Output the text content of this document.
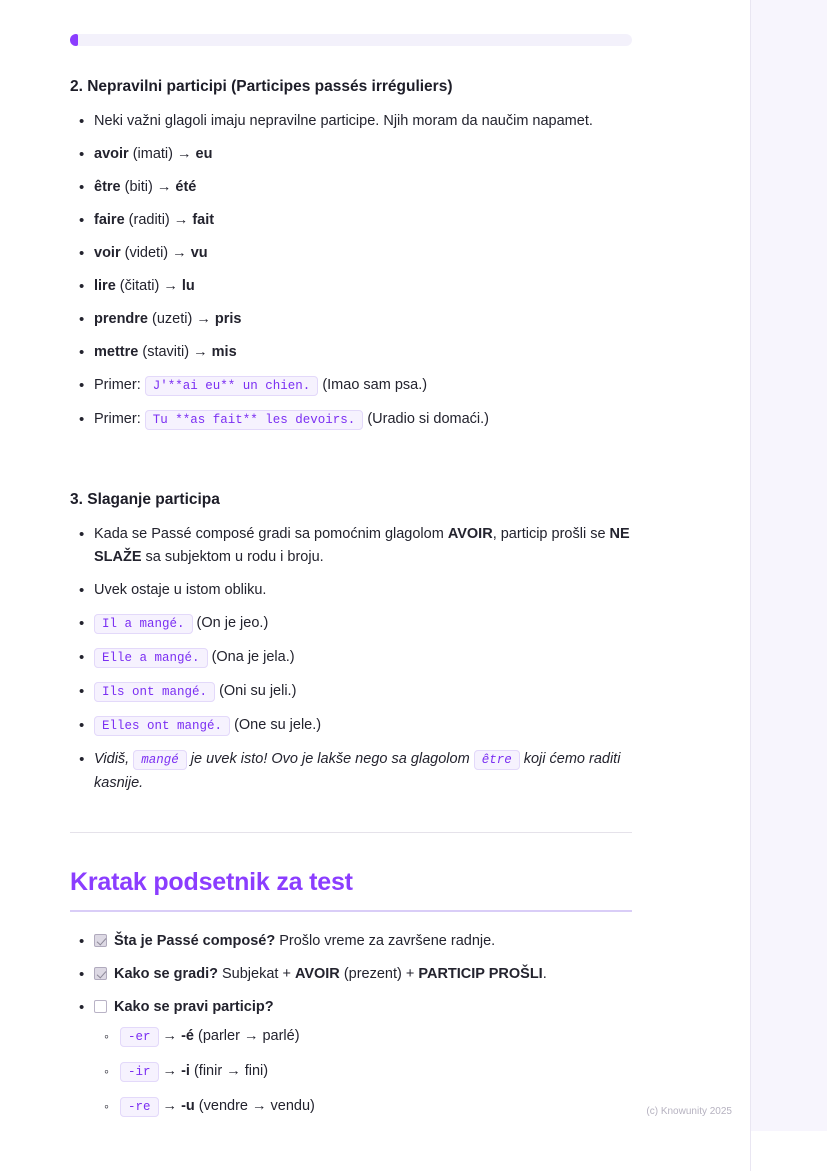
2. Nepravilni participi (Participes passés irréguliers)
• Neki važni glagoli imaju nepravilne participe. Njih moram da naučim napamet.
• avoir (imati) → eu
• être (biti) → été
• faire (raditi) → fait
• voir (videti) → vu
• lire (čitati) → lu
• prendre (uzeti) → pris
• mettre (staviti) → mis
• Primer: J'**ai eu** un chien. (Imao sam psa.)
• Primer: Tu **as fait** les devoirs. (Uradio si domaći.)
3. Slaganje participa
• Kada se Passé composé gradi sa pomoćnim glagolom AVOIR, particip prošli se NE SLAŽE sa subjektom u rodu i broju.
• Uvek ostaje u istom obliku.
• Il a mangé. (On je jeo.)
• Elle a mangé. (Ona je jela.)
• Ils ont mangé. (Oni su jeli.)
• Elles ont mangé. (One su jele.)
• Vidiš, mangé je uvek isto! Ovo je lakše nego sa glagolom être koji ćemo raditi kasnije.
Kratak podsetnik za test
• Šta je Passé composé? Prošlo vreme za završene radnje.
• Kako se gradi? Subjekat + AVOIR (prezent) + PARTICIP PROŠLI.
• Kako se pravi particip?
◦ -er → -é (parler → parlé)
◦ -ir → -i (finir → fini)
◦ -re → -u (vendre → vendu)	(c) Knowunity 2025
